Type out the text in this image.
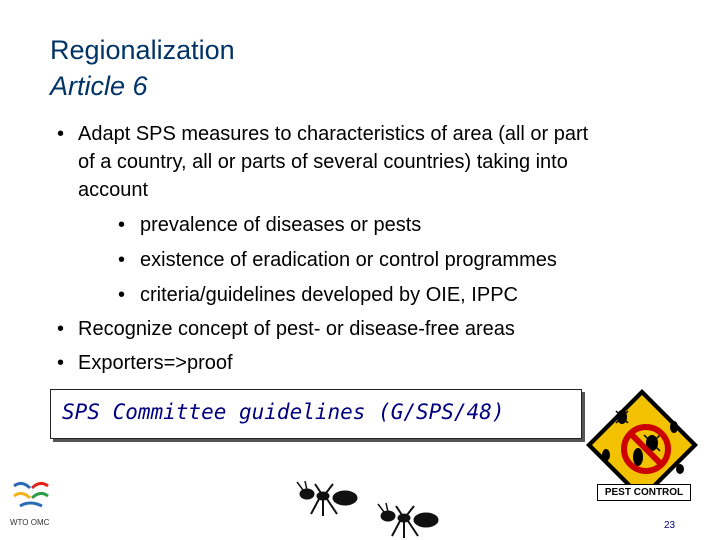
Regionalization
Article 6
• Adapt SPS measures to characteristics of area (all or part
of a country, all or parts of several countries) taking into
account
• prevalence of diseases or pests
• existence of eradication or control programmes
• criteria/guidelines developed by OIE, IPPC
• Recognize concept of pest- or disease-free areas
• Exporters=>proof
SPS Committee guidelines (G/SPS/48)
PEST CONTROL
WTO OMC	23
